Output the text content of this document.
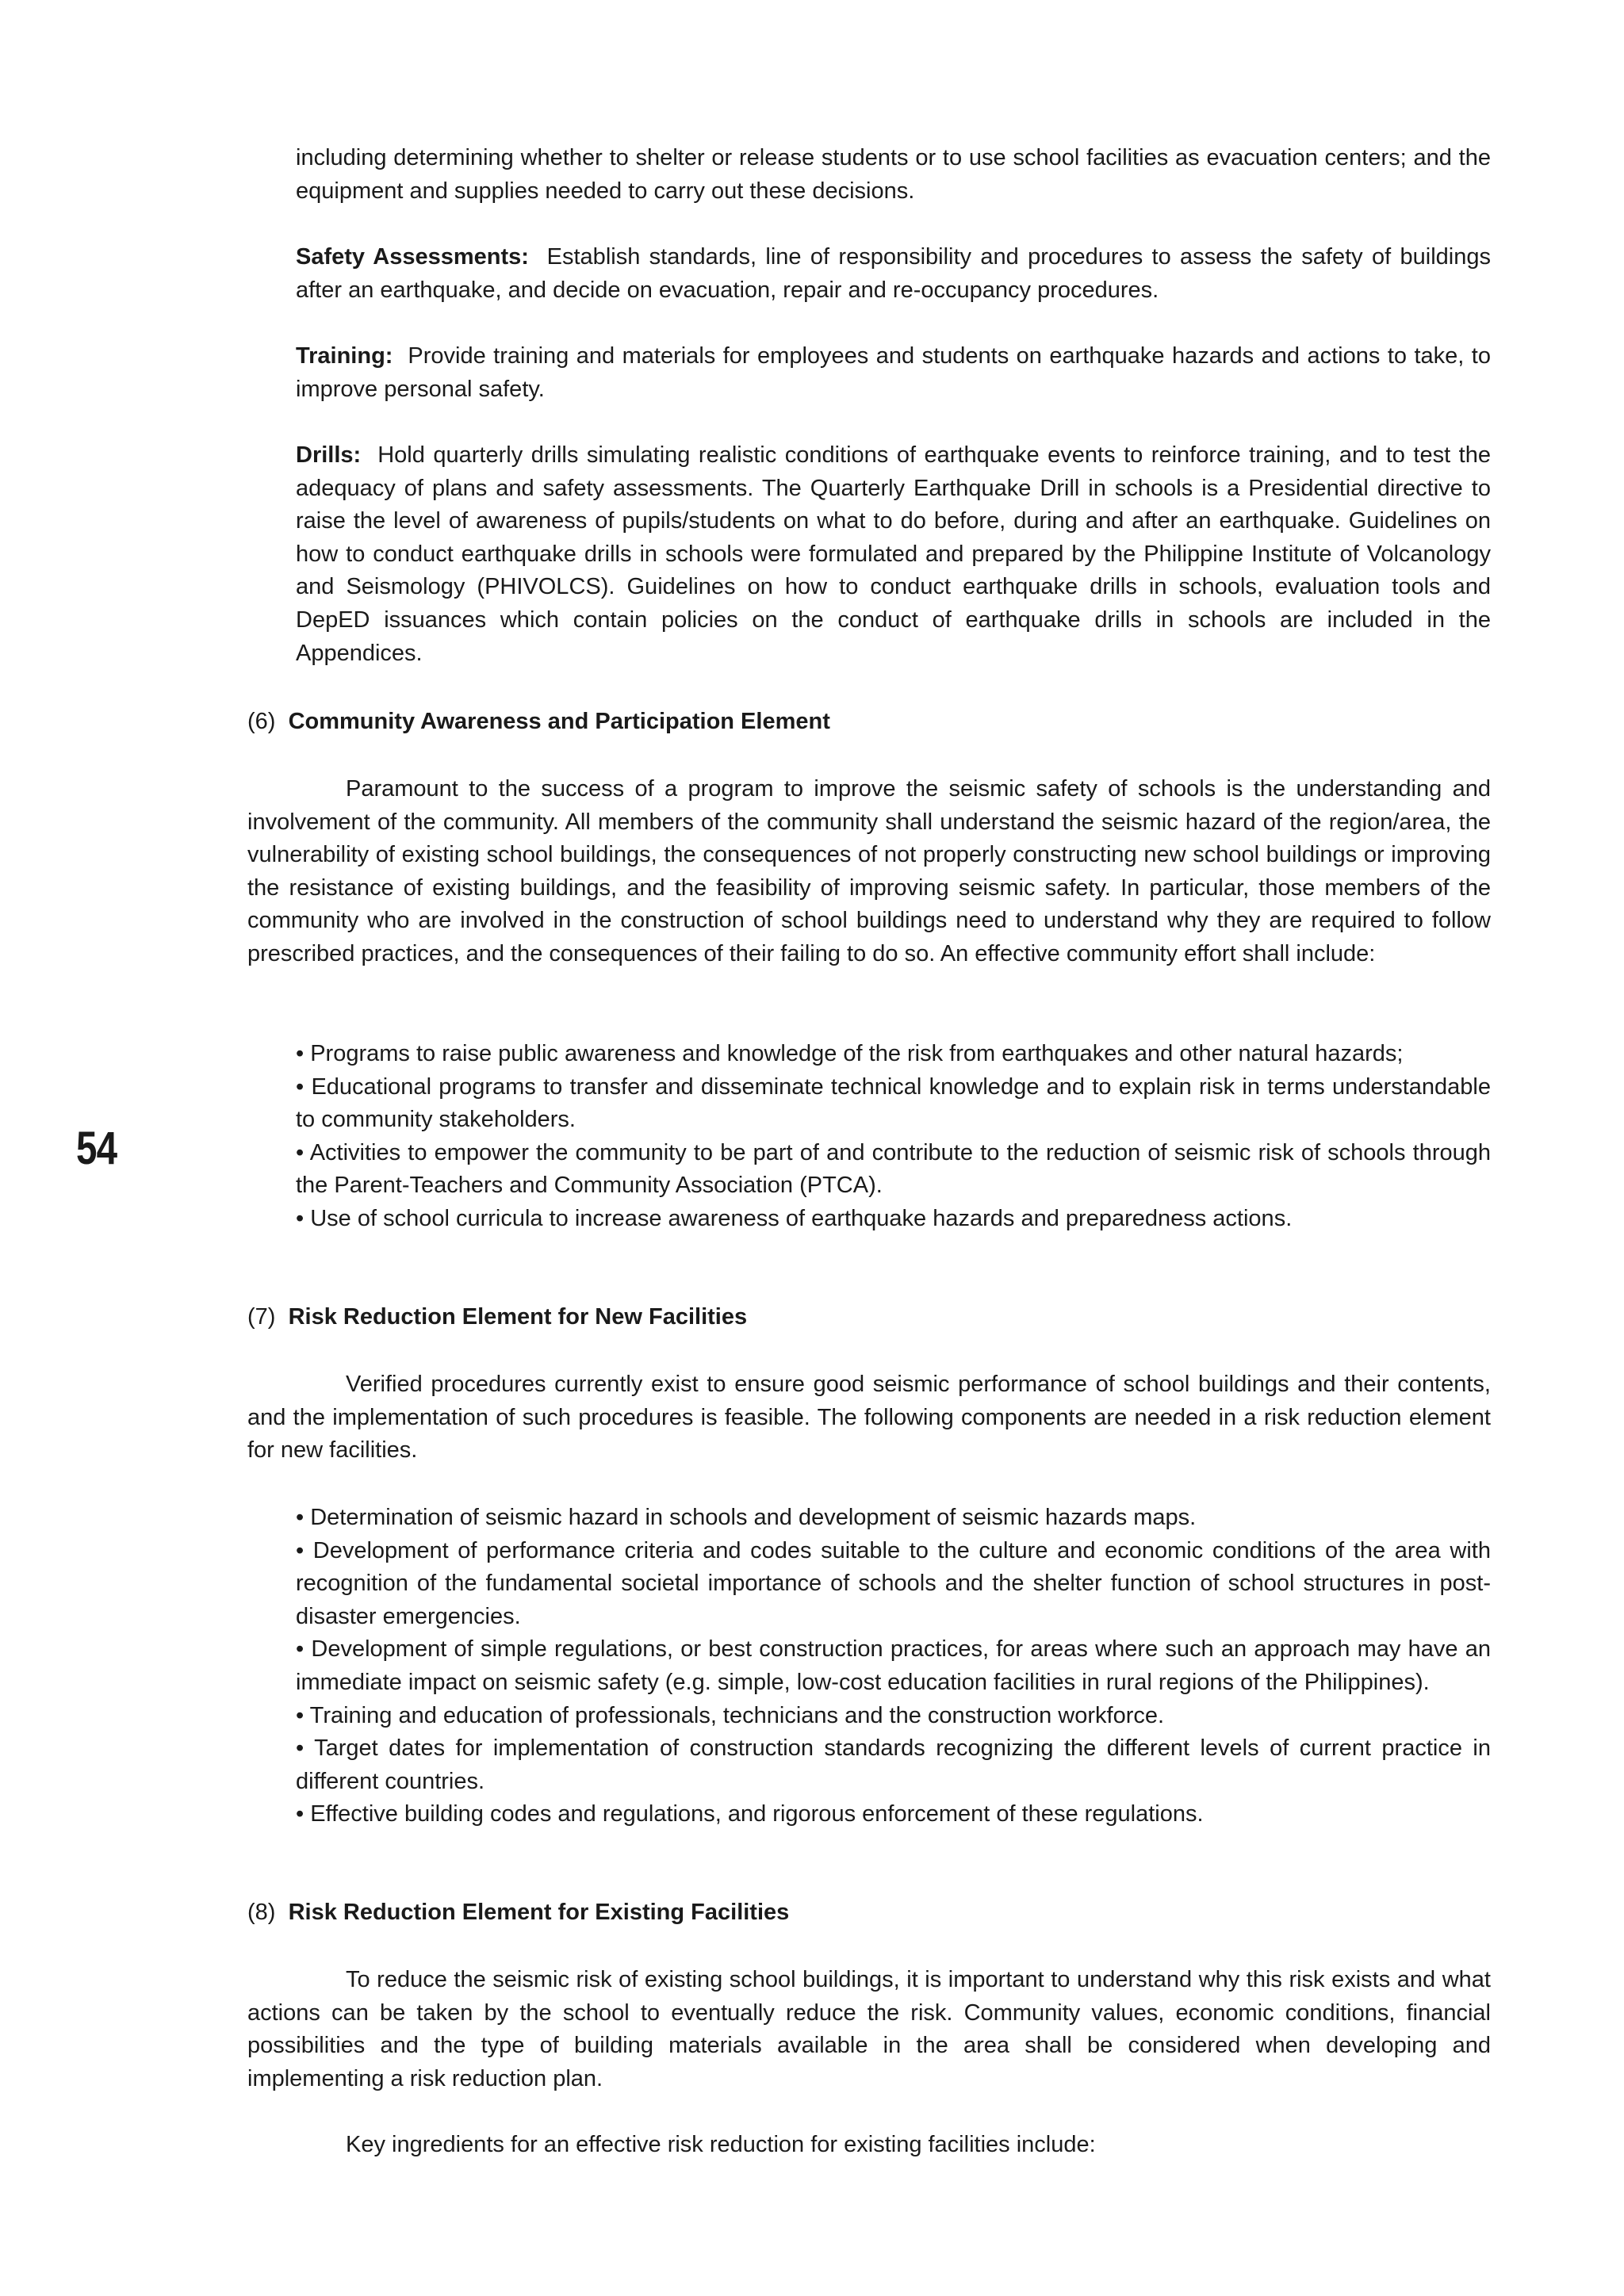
54

including determining whether to shelter or release students or to use school facilities as evacuation centers; and the equipment and supplies needed to carry out these decisions.

Safety Assessments: Establish standards, line of responsibility and procedures to assess the safety of buildings after an earthquake, and decide on evacuation, repair and re-occupancy procedures.

Training: Provide training and materials for employees and students on earthquake hazards and actions to take, to improve personal safety.

Drills: Hold quarterly drills simulating realistic conditions of earthquake events to reinforce training, and to test the adequacy of plans and safety assessments. The Quarterly Earthquake Drill in schools is a Presidential directive to raise the level of awareness of pupils/students on what to do before, during and after an earthquake. Guidelines on how to conduct earthquake drills in schools were formulated and prepared by the Philippine Institute of Volcanology and Seismology (PHIVOLCS). Guidelines on how to conduct earthquake drills in schools, evaluation tools and DepED issuances which contain policies on the conduct of earthquake drills in schools are included in the Appendices.

(6) Community Awareness and Participation Element

Paramount to the success of a program to improve the seismic safety of schools is the understanding and involvement of the community. All members of the community shall understand the seismic hazard of the region/area, the vulnerability of existing school buildings, the consequences of not properly constructing new school buildings or improving the resistance of existing buildings, and the feasibility of improving seismic safety. In particular, those members of the community who are involved in the construction of school buildings need to understand why they are required to follow prescribed practices, and the consequences of their failing to do so. An effective community effort shall include:

• Programs to raise public awareness and knowledge of the risk from earthquakes and other natural hazards;
• Educational programs to transfer and disseminate technical knowledge and to explain risk in terms understandable to community stakeholders.
• Activities to empower the community to be part of and contribute to the reduction of seismic risk of schools through the Parent-Teachers and Community Association (PTCA).
• Use of school curricula to increase awareness of earthquake hazards and preparedness actions.

(7) Risk Reduction Element for New Facilities

Verified procedures currently exist to ensure good seismic performance of school buildings and their contents, and the implementation of such procedures is feasible. The following components are needed in a risk reduction element for new facilities.

• Determination of seismic hazard in schools and development of seismic hazards maps.
• Development of performance criteria and codes suitable to the culture and economic conditions of the area with recognition of the fundamental societal importance of schools and the shelter function of school structures in post-disaster emergencies.
• Development of simple regulations, or best construction practices, for areas where such an approach may have an immediate impact on seismic safety (e.g. simple, low-cost education facilities in rural regions of the Philippines).
• Training and education of professionals, technicians and the construction workforce.
• Target dates for implementation of construction standards recognizing the different levels of current practice in different countries.
• Effective building codes and regulations, and rigorous enforcement of these regulations.

(8) Risk Reduction Element for Existing Facilities

To reduce the seismic risk of existing school buildings, it is important to understand why this risk exists and what actions can be taken by the school to eventually reduce the risk. Community values, economic conditions, financial possibilities and the type of building materials available in the area shall be considered when developing and implementing a risk reduction plan.

Key ingredients for an effective risk reduction for existing facilities include:
